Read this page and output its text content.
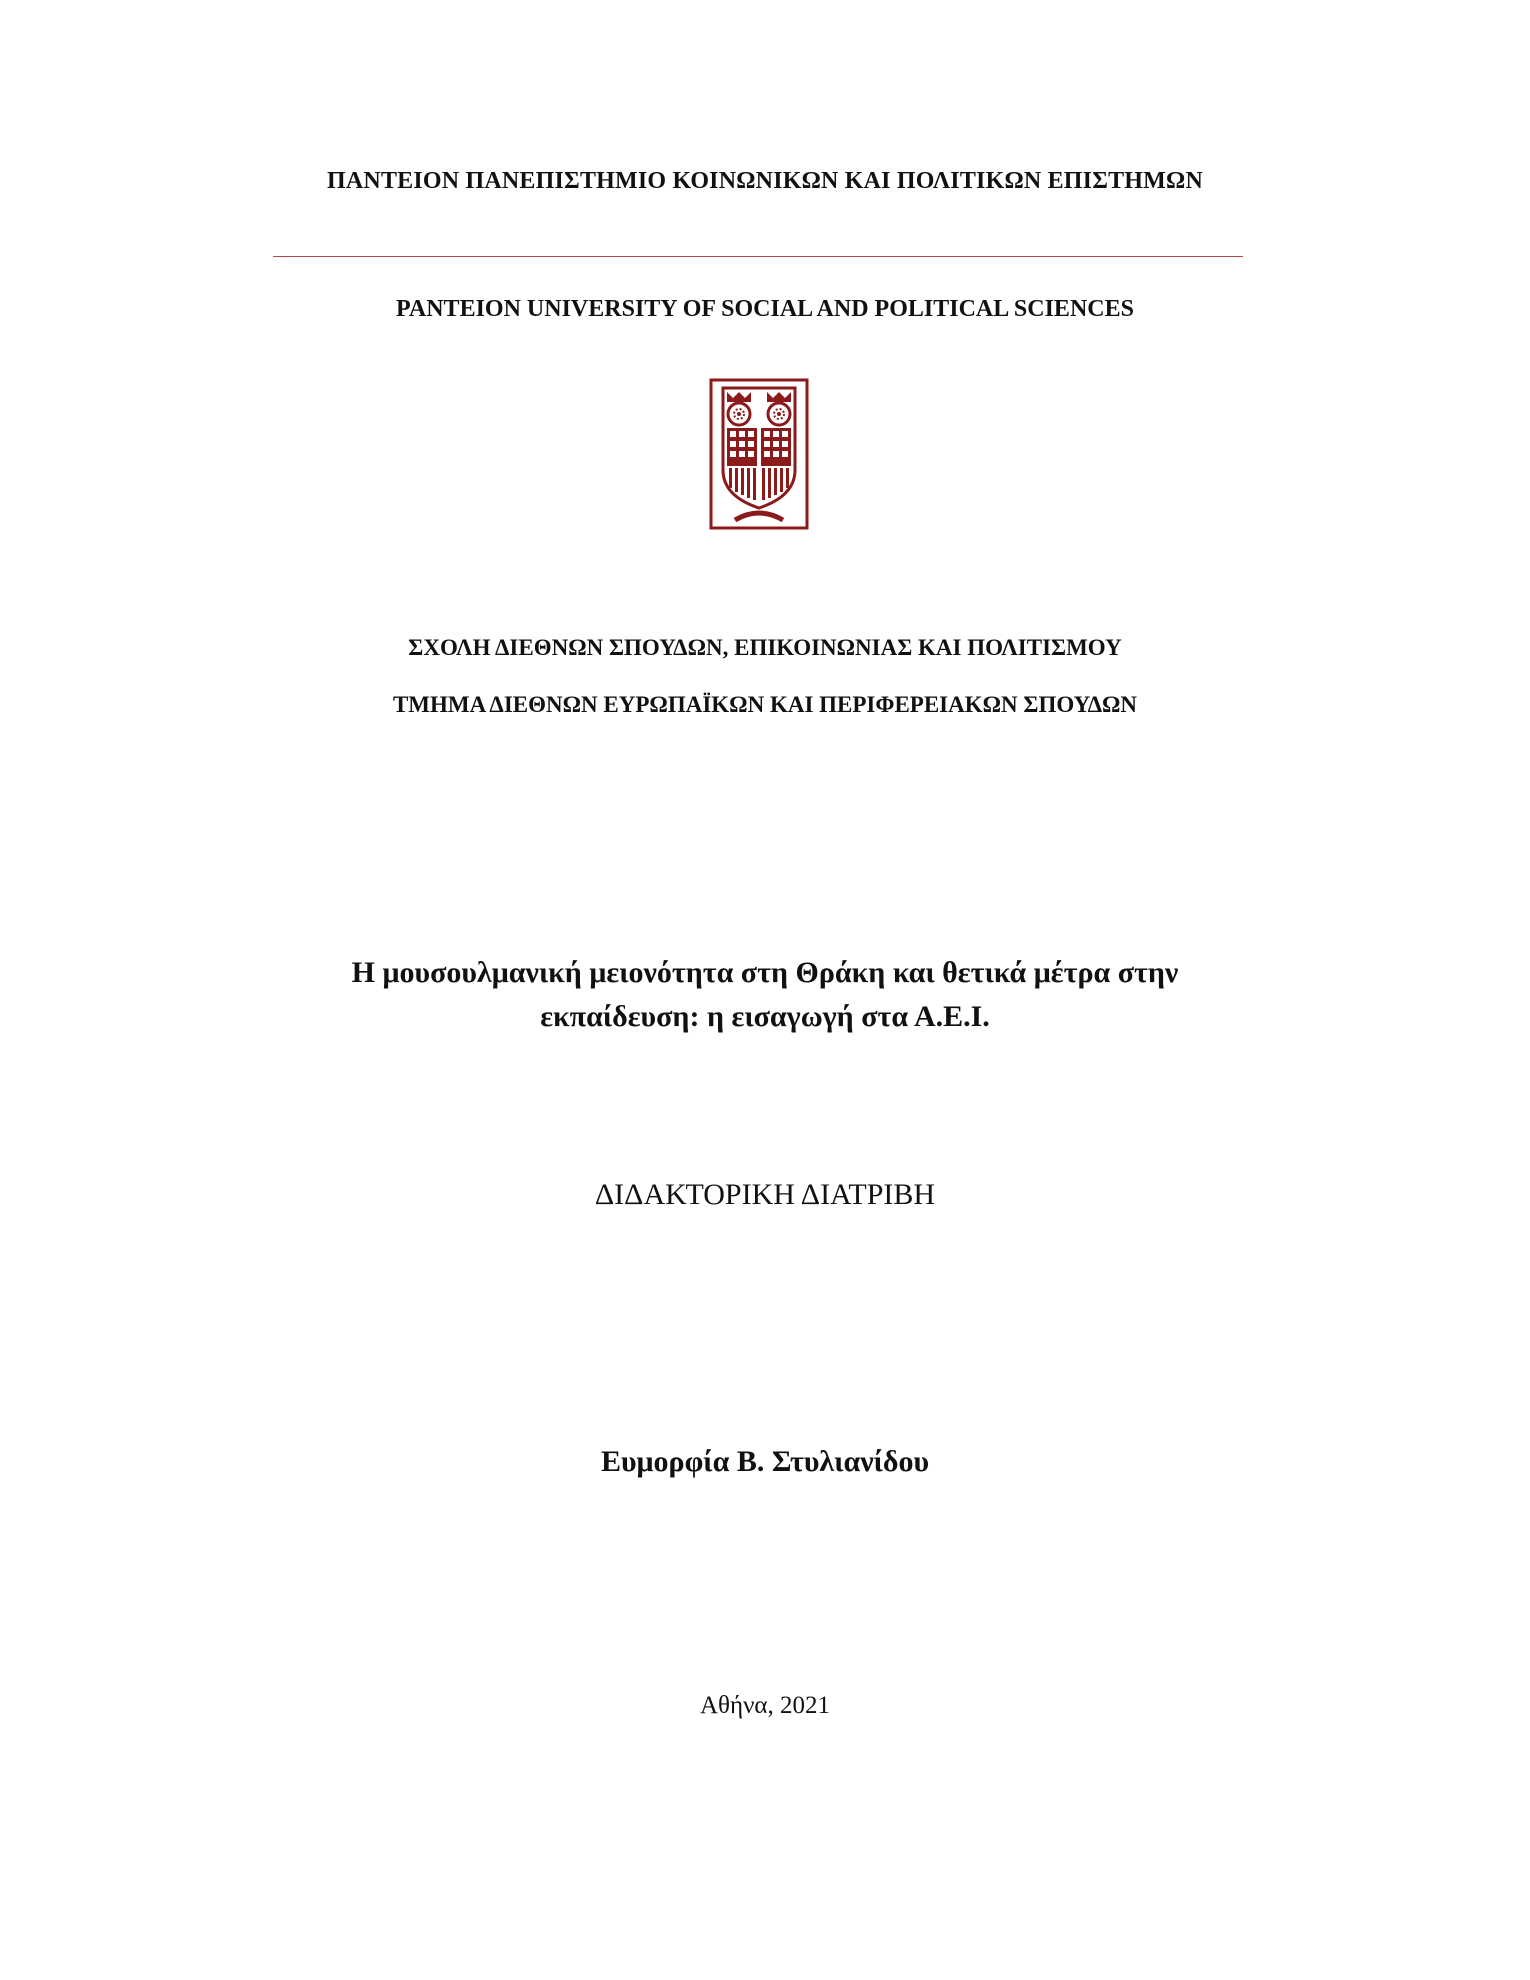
ΠΑΝΤΕΙΟΝ ΠΑΝΕΠΙΣΤΗΜΙΟ ΚΟΙΝΩΝΙΚΩΝ ΚΑΙ ΠΟΛΙΤΙΚΩΝ ΕΠΙΣΤΗΜΩΝ
PANTEION UNIVERSITY OF SOCIAL AND POLITICAL SCIENCES
ΣΧΟΛΗ ΔΙΕΘΝΩΝ ΣΠΟΥΔΩΝ, ΕΠΙΚΟΙΝΩΝΙΑΣ ΚΑΙ ΠΟΛΙΤΙΣΜΟΥ
ΤΜΗΜΑ ΔΙΕΘΝΩΝ ΕΥΡΩΠΑΪΚΩΝ ΚΑΙ ΠΕΡΙΦΕΡΕΙΑΚΩΝ ΣΠΟΥΔΩΝ
Η μουσουλμανική μειονότητα στη Θράκη και θετικά μέτρα στην
εκπαίδευση: η εισαγωγή στα Α.Ε.Ι.
ΔΙΔΑΚΤΟΡΙΚΗ ΔΙΑΤΡΙΒΗ
Ευμορφία Β. Στυλιανίδου
Αθήνα, 2021
